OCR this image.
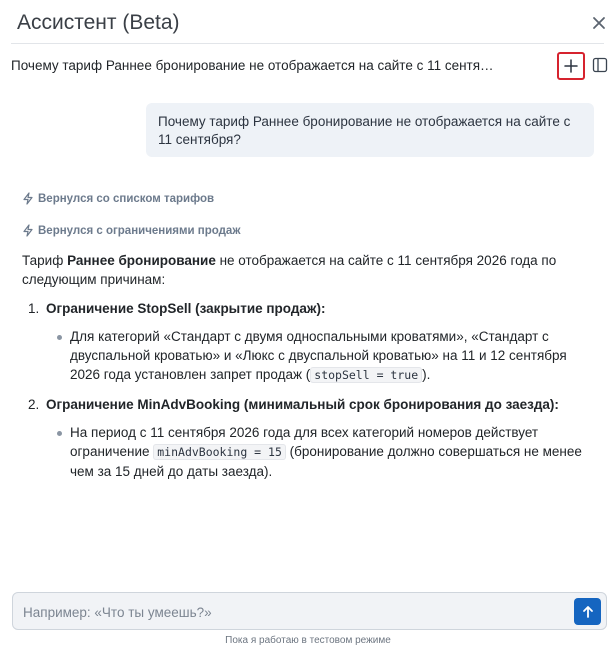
Ассистент (Beta)
Почему тариф Раннее бронирование не отображается на сайте с 11 сентя…
Почему тариф Раннее бронирование не отображается на сайте с 11 сентября?
Вернулся со списком тарифов
Вернулся с ограничениями продаж

Тариф Раннее бронирование не отображается на сайте с 11 сентября 2026 года по следующим причинам:

1. Ограничение StopSell (закрытие продаж):
Для категорий «Стандарт с двумя односпальными кроватями», «Стандарт с двуспальной кроватью» и «Люкс с двуспальной кроватью» на 11 и 12 сентября 2026 года установлен запрет продаж ( stopSell = true ).
2. Ограничение MinAdvBooking (минимальный срок бронирования до заезда):
На период с 11 сентября 2026 года для всех категорий номеров действует ограничение minAdvBooking = 15 (бронирование должно совершаться не менее чем за 15 дней до даты заезда).
Например: «Что ты умеешь?»
Пока я работаю в тестовом режиме
